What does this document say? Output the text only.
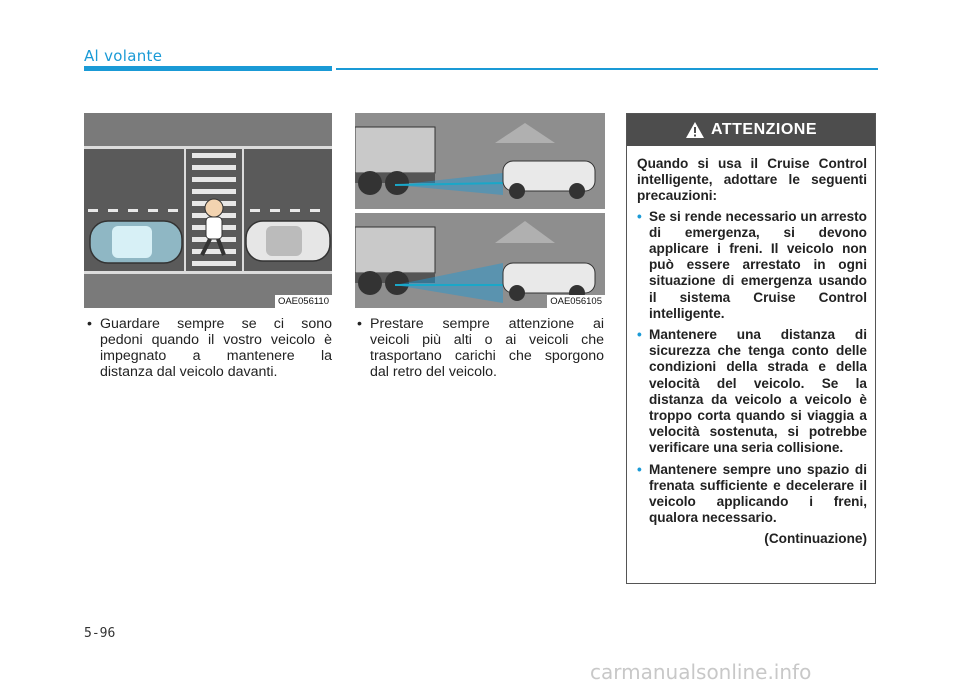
Al volante
OAE056110	OAE056105
• Guardare sempre se ci sono
pedoni quando il vostro veicolo è
impegnato a mantenere la
distanza dal veicolo davanti.
• Prestare sempre attenzione ai
veicoli più alti o ai veicoli che
trasportano carichi che sporgono
dal retro del veicolo.
ATTENZIONE
Quando si usa il Cruise Control intelligente, adottare le seguenti precauzioni:
• Se si rende necessario un arresto di emergenza, si devono applicare i freni. Il veicolo non può essere arrestato in ogni situazione di emergenza usando il sistema Cruise Control intelligente.
• Mantenere una distanza di sicurezza che tenga conto delle condizioni della strada e della velocità del veicolo. Se la distanza da veicolo a veicolo è troppo corta quando si viaggia a velocità sostenuta, si potrebbe verificare una seria collisione.
• Mantenere sempre uno spazio di frenata sufficiente e decelerare il veicolo applicando i freni, qualora necessario.
(Continuazione)
5-96
carmanualsonline.info
